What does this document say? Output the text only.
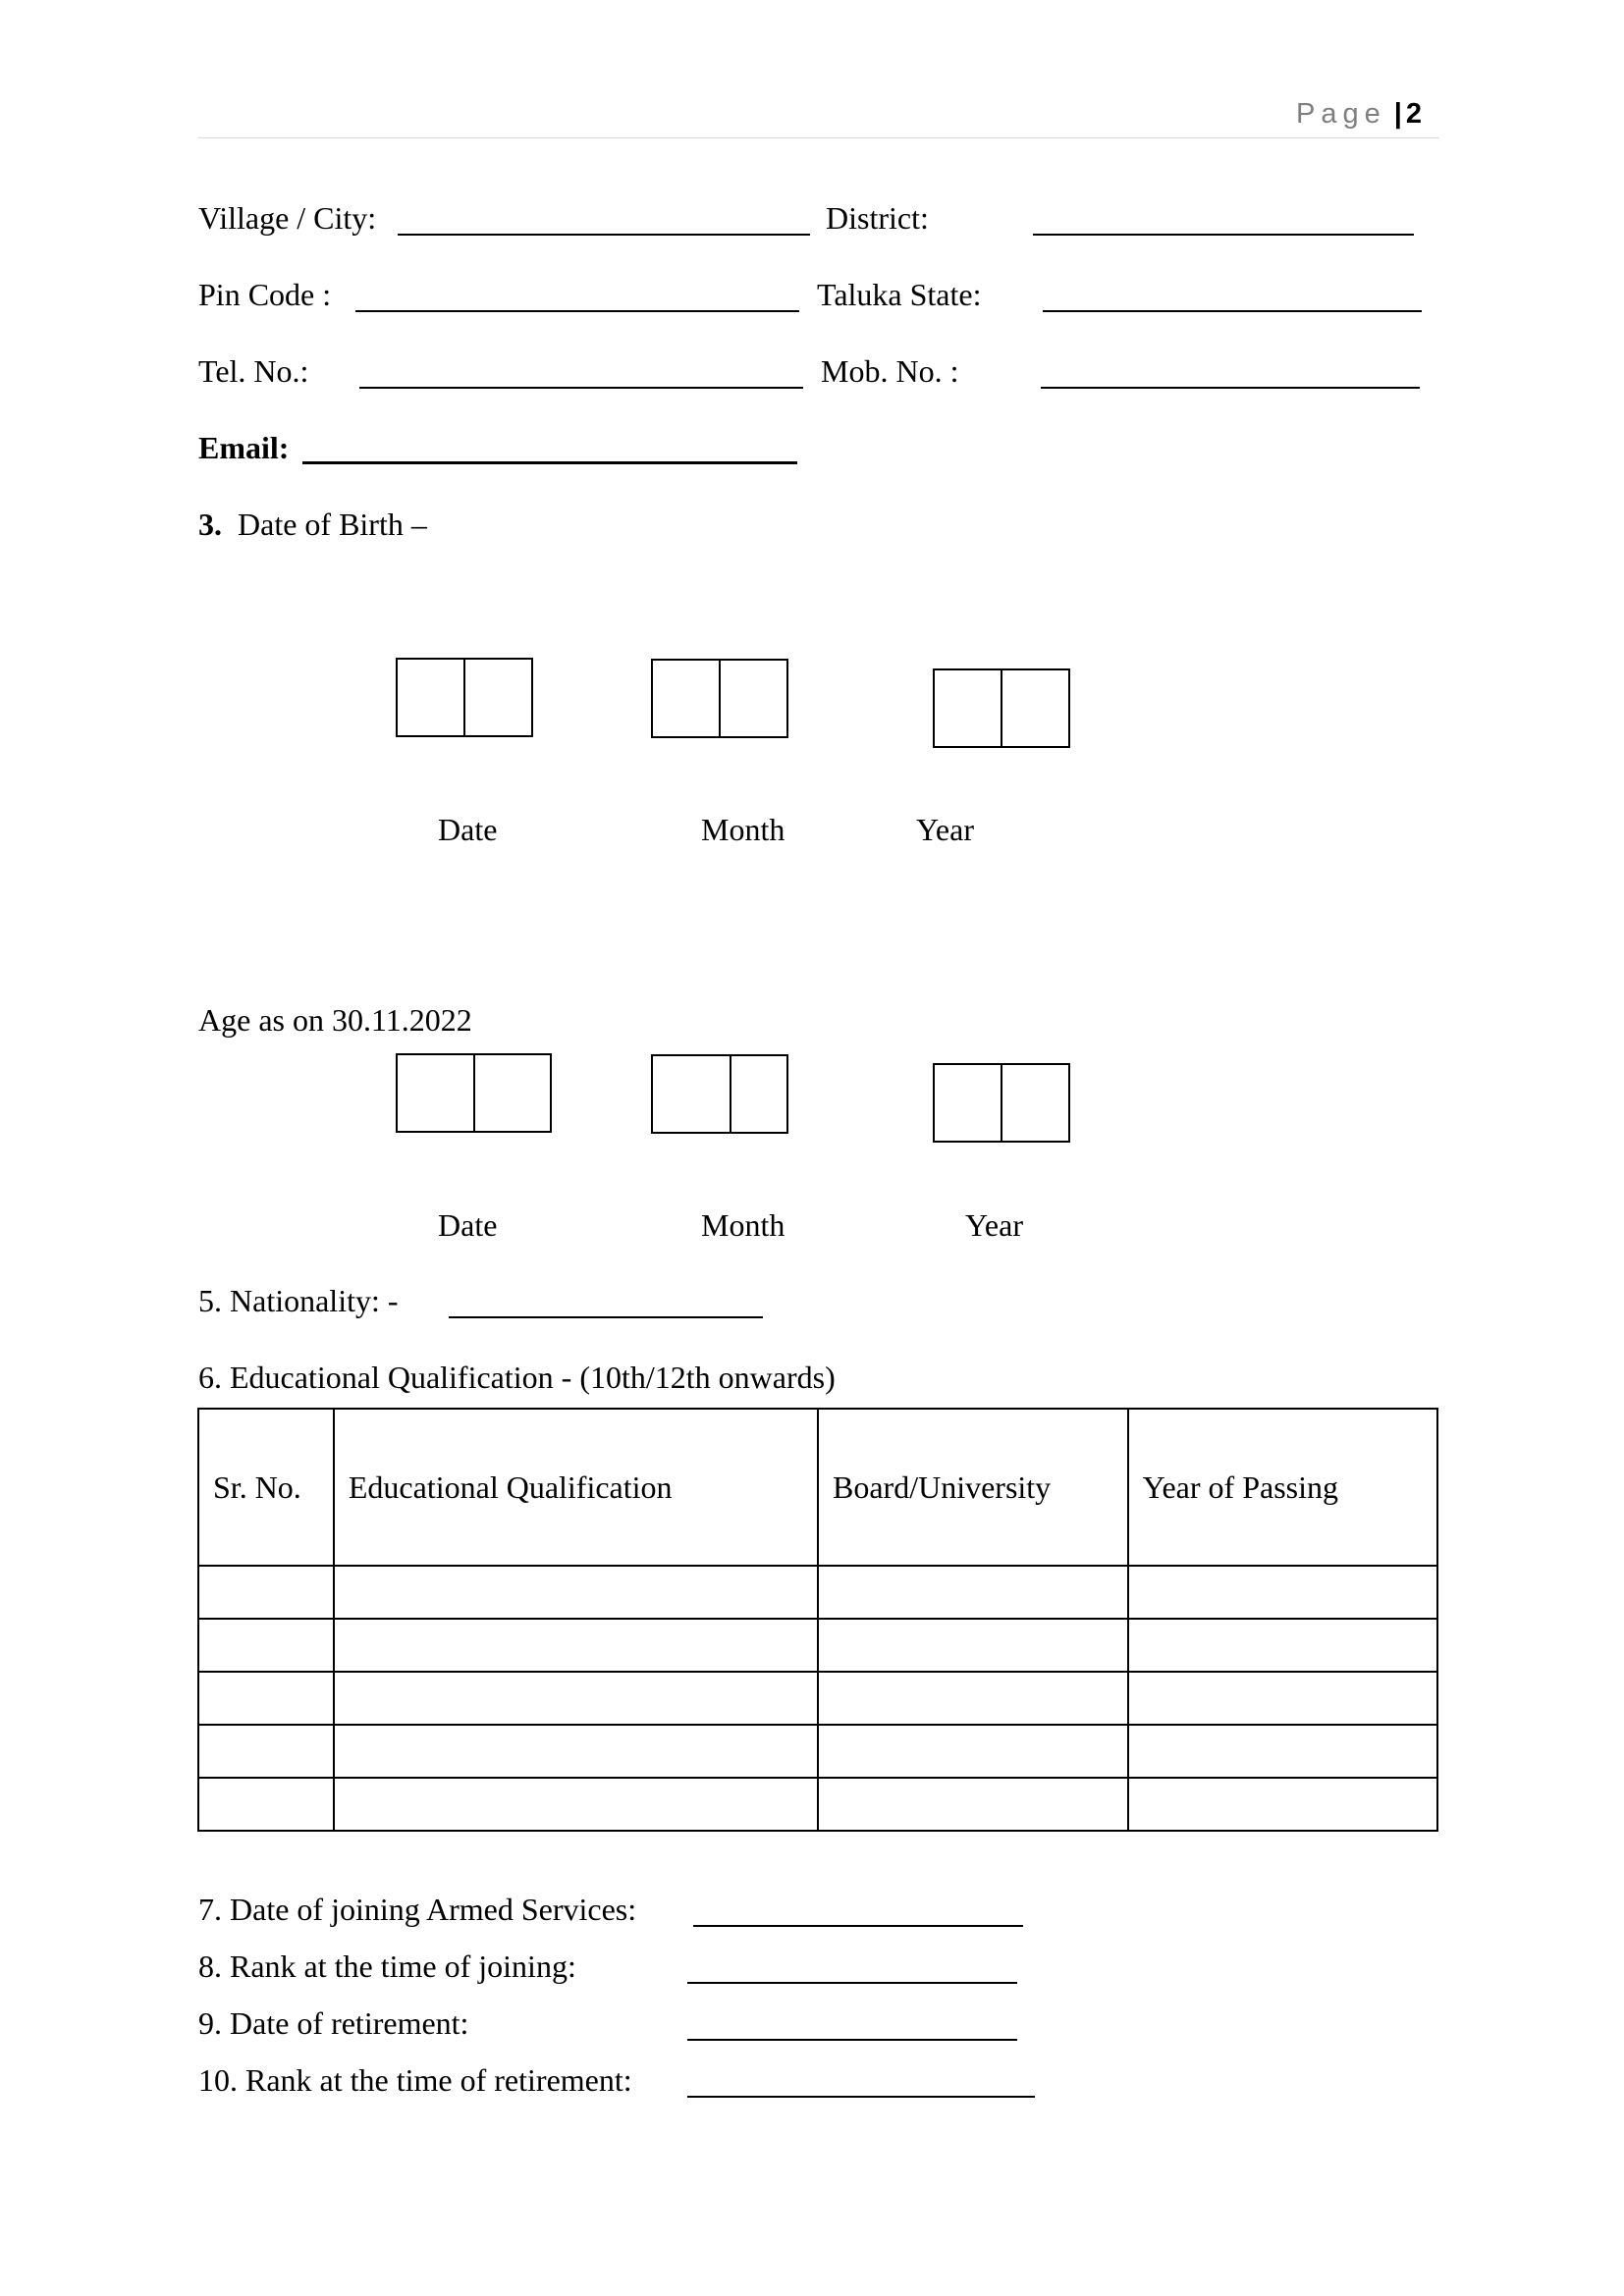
Page | 2
Village / City:	District:
Pin Code :	Taluka State:
Tel. No.:	Mob. No. :
Email:
3. Date of Birth –
Date	Month	Year
Age as on 30.11.2022
Date	Month	Year
5. Nationality: -
6. Educational Qualification - (10th/12th onwards)
Sr. No.	Educational Qualification	Board/University	Year of Passing

7. Date of joining Armed Services:
8. Rank at the time of joining:
9. Date of retirement:
10. Rank at the time of retirement:
